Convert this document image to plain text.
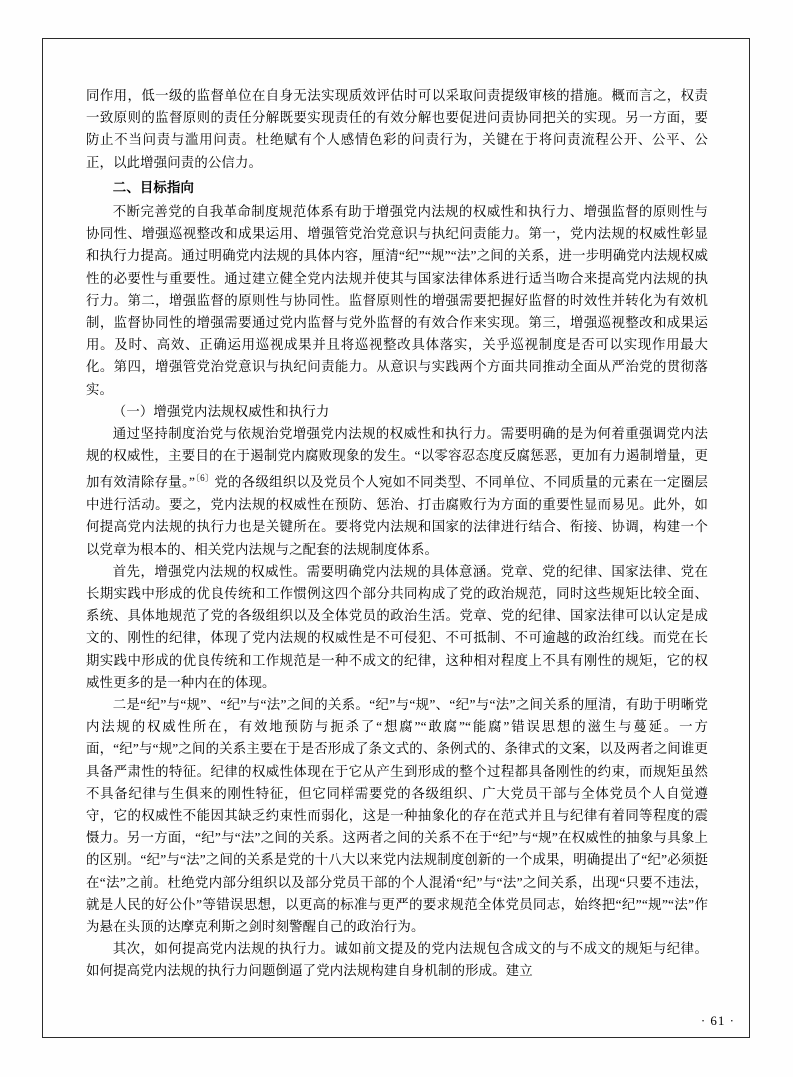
同作用，低一级的监督单位在自身无法实现质效评估时可以采取问责提级审核的措施。概而言之，权责一致原则的监督原则的责任分解既要实现责任的有效分解也要促进问责协同把关的实现。另一方面，要防止不当问责与滥用问责。杜绝赋有个人感情色彩的问责行为，关键在于将问责流程公开、公平、公正，以此增强问责的公信力。

二、目标指向

不断完善党的自我革命制度规范体系有助于增强党内法规的权威性和执行力、增强监督的原则性与协同性、增强巡视整改和成果运用、增强管党治党意识与执纪问责能力。第一，党内法规的权威性彰显和执行力提高。通过明确党内法规的具体内容，厘清“纪”“规”“法”之间的关系，进一步明确党内法规权威性的必要性与重要性。通过建立健全党内法规并使其与国家法律体系进行适当吻合来提高党内法规的执行力。第二，增强监督的原则性与协同性。监督原则性的增强需要把握好监督的时效性并转化为有效机制，监督协同性的增强需要通过党内监督与党外监督的有效合作来实现。第三，增强巡视整改和成果运用。及时、高效、正确运用巡视成果并且将巡视整改具体落实，关乎巡视制度是否可以实现作用最大化。第四，增强管党治党意识与执纪问责能力。从意识与实践两个方面共同推动全面从严治党的贯彻落实。

（一）增强党内法规权威性和执行力

通过坚持制度治党与依规治党增强党内法规的权威性和执行力。需要明确的是为何着重强调党内法规的权威性，主要目的在于遏制党内腐败现象的发生。“以零容忍态度反腐惩恶，更加有力遏制增量，更加有效清除存量。”$^{〔6〕}$党的各级组织以及党员个人宛如不同类型、不同单位、不同质量的元素在一定圈层中进行活动。要之，党内法规的权威性在预防、惩治、打击腐败行为方面的重要性显而易见。此外，如何提高党内法规的执行力也是关键所在。要将党内法规和国家的法律进行结合、衔接、协调，构建一个以党章为根本的、相关党内法规与之配套的法规制度体系。

首先，增强党内法规的权威性。需要明确党内法规的具体意涵。党章、党的纪律、国家法律、党在长期实践中形成的优良传统和工作惯例这四个部分共同构成了党的政治规范，同时这些规矩比较全面、系统、具体地规范了党的各级组织以及全体党员的政治生活。党章、党的纪律、国家法律可以认定是成文的、刚性的纪律，体现了党内法规的权威性是不可侵犯、不可抵制、不可逾越的政治红线。而党在长期实践中形成的优良传统和工作规范是一种不成文的纪律，这种相对程度上不具有刚性的规矩，它的权威性更多的是一种内在的体现。

二是“纪”与“规”、“纪”与“法”之间的关系。“纪”与“规”、“纪”与“法”之间关系的厘清，有助于明晰党内法规的权威性所在，有效地预防与扼杀了“想腐”“敢腐”“能腐”错误思想的滋生与蔓延。一方面，“纪”与“规”之间的关系主要在于是否形成了条文式的、条例式的、条律式的文案，以及两者之间谁更具备严肃性的特征。纪律的权威性体现在于它从产生到形成的整个过程都具备刚性的约束，而规矩虽然不具备纪律与生俱来的刚性特征，但它同样需要党的各级组织、广大党员干部与全体党员个人自觉遵守，它的权威性不能因其缺乏约束性而弱化，这是一种抽象化的存在范式并且与纪律有着同等程度的震慑力。另一方面，“纪”与“法”之间的关系。这两者之间的关系不在于“纪”与“规”在权威性的抽象与具象上的区别。“纪”与“法”之间的关系是党的十八大以来党内法规制度创新的一个成果，明确提出了“纪”必须挺在“法”之前。杜绝党内部分组织以及部分党员干部的个人混淆“纪”与“法”之间关系，出现“只要不违法，就是人民的好公仆”等错误思想，以更高的标准与更严的要求规范全体党员同志，始终把“纪”“规”“法”作为悬在头顶的达摩克利斯之剑时刻警醒自己的政治行为。

其次，如何提高党内法规的执行力。诚如前文提及的党内法规包含成文的与不成文的规矩与纪律。如何提高党内法规的执行力问题倒逼了党内法规构建自身机制的形成。建立

· 61 ·
